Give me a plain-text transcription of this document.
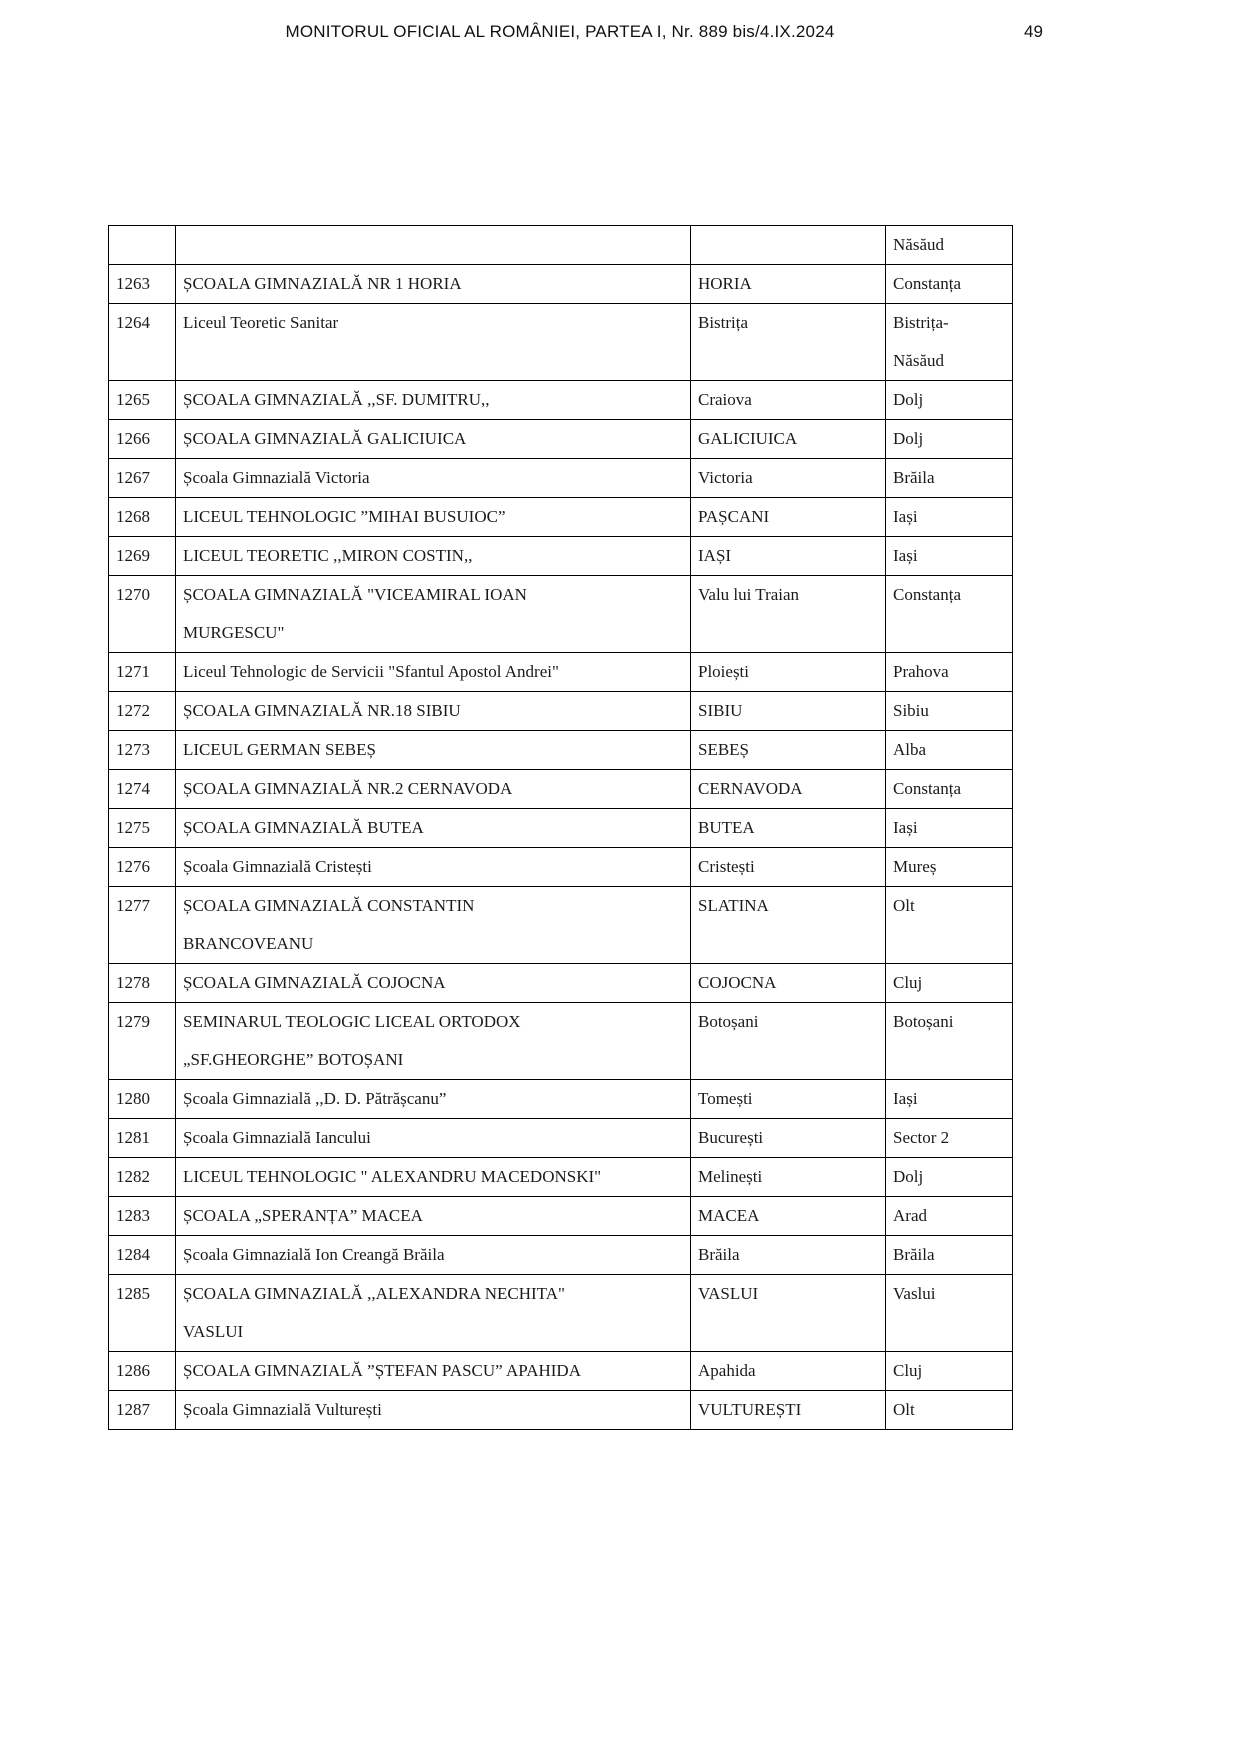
MONITORUL OFICIAL AL ROMÂNIEI, PARTEA I, Nr. 889 bis/4.IX.2024	49

			Năsăud

1263	ȘCOALA GIMNAZIALĂ NR 1 HORIA	HORIA	Constanța

1264	Liceul Teoretic Sanitar	Bistrița	Bistrița-
Năsăud

1265	ȘCOALA GIMNAZIALĂ ,,SF. DUMITRU,,	Craiova	Dolj

1266	ȘCOALA GIMNAZIALĂ GALICIUICA	GALICIUICA	Dolj

1267	Școala Gimnazială Victoria	Victoria	Brăila

1268	LICEUL TEHNOLOGIC ”MIHAI BUSUIOC”	PAȘCANI	Iași

1269	LICEUL TEORETIC ,,MIRON COSTIN,,	IAȘI	Iași

1270	ȘCOALA GIMNAZIALĂ "VICEAMIRAL IOAN
MURGESCU"	Valu lui Traian	Constanța

1271	Liceul Tehnologic de Servicii "Sfantul Apostol Andrei"	Ploiești	Prahova

1272	ȘCOALA GIMNAZIALĂ NR.18 SIBIU	SIBIU	Sibiu

1273	LICEUL GERMAN SEBEȘ	SEBEȘ	Alba

1274	ȘCOALA GIMNAZIALĂ NR.2 CERNAVODA	CERNAVODA	Constanța

1275	ȘCOALA GIMNAZIALĂ BUTEA	BUTEA	Iași

1276	Școala Gimnazială Cristești	Cristești	Mureș

1277	ȘCOALA GIMNAZIALĂ CONSTANTIN
BRANCOVEANU	SLATINA	Olt

1278	ȘCOALA GIMNAZIALĂ COJOCNA	COJOCNA	Cluj

1279	SEMINARUL TEOLOGIC LICEAL ORTODOX
„SF.GHEORGHE” BOTOȘANI	Botoșani	Botoșani

1280	Școala Gimnazială ,,D. D. Pătrășcanu”	Tomești	Iași

1281	Școala Gimnazială Iancului	București	Sector 2

1282	LICEUL TEHNOLOGIC " ALEXANDRU MACEDONSKI"	Melinești	Dolj

1283	ȘCOALA „SPERANȚA” MACEA	MACEA	Arad

1284	Școala Gimnazială Ion Creangă Brăila	Brăila	Brăila

1285	ȘCOALA GIMNAZIALĂ ,,ALEXANDRA NECHITA"
VASLUI	VASLUI	Vaslui

1286	ȘCOALA GIMNAZIALĂ ”ȘTEFAN PASCU” APAHIDA	Apahida	Cluj

1287	Școala Gimnazială Vulturești	VULTUREȘTI	Olt
